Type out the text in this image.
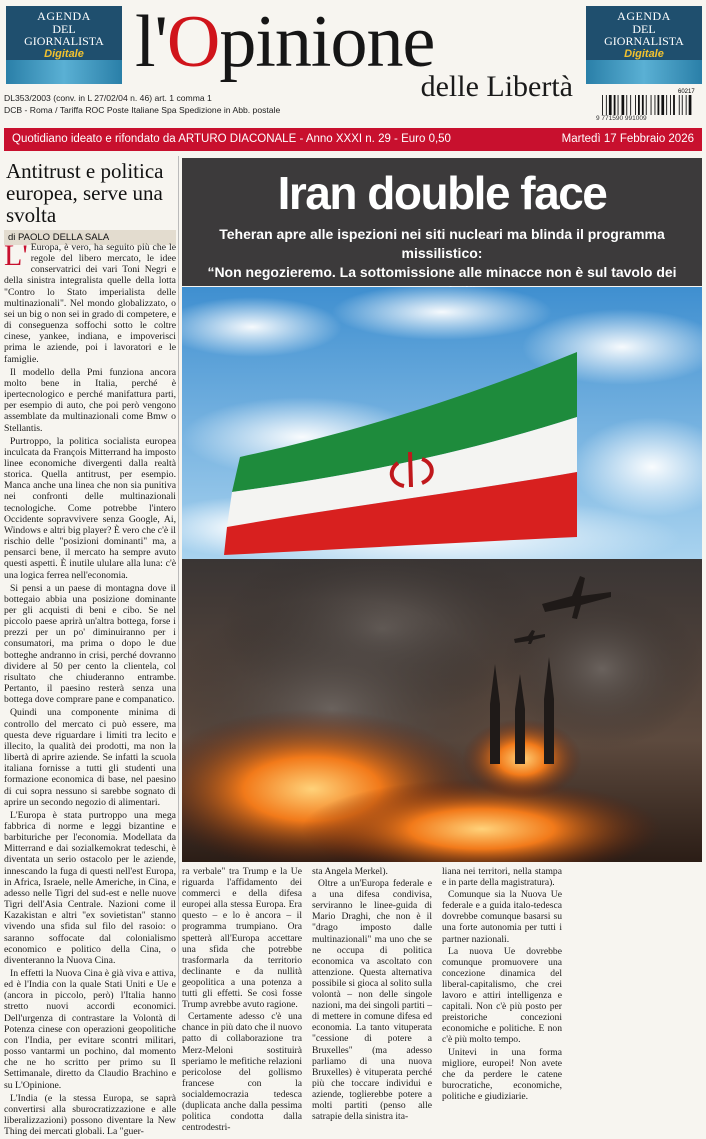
AGENDA
DEL GIORNALISTA
Digitale
AGENDA
DEL GIORNALISTA
Digitale
l'Opinione
delle Libertà
DL353/2003 (conv. in L 27/02/04 n. 46) art. 1 comma 1
DCB - Roma / Tariffa ROC Poste Italiane Spa Spedizione in Abb. postale
60217
9 771590 991009
Quotidiano ideato e rifondato da ARTURO DIACONALE - Anno XXXI n. 29 - Euro 0,50	Martedì 17 Febbraio 2026
Antitrust e politica europea, serve una svolta
di PAOLO DELLA SALA

L' Europa, è vero, ha seguito più che le regole del libero mercato, le idee conservatrici dei vari Toni Negri e della sinistra integralista quelle della lotta "Contro lo Stato imperialista delle multinazionali". Nel mondo globalizzato, o sei un big o non sei in grado di competere, e di conseguenza soffochi sotto le coltre cinese, yankee, indiana, e impoverisci prima le aziende, poi i lavoratori e le famiglie.

Il modello della Pmi funziona ancora molto bene in Italia, perché è ipertecnologico e perché manifattura parti, per esempio di auto, che poi però vengono assemblate da multinazionali come Bmw o Stellantis.

Purtroppo, la politica socialista europea inculcata da François Mitterrand ha imposto linee economiche divergenti dalla realtà storica. Quella antitrust, per esempio. Manca anche una linea che non sia punitiva nei confronti delle multinazionali tecnologiche. Come potrebbe l'intero Occidente sopravvivere senza Google, Ai, Windows e altri big player? È vero che c'è il rischio delle "posizioni dominanti" ma, a pensarci bene, il mercato ha sempre avuto questi aspetti. È inutile ululare alla luna: c'è una logica ferrea nell'economia.

Si pensi a un paese di montagna dove il bottegaio abbia una posizione dominante per gli acquisti di beni e cibo. Se nel piccolo paese aprirà un'altra bottega, forse i prezzi per un po' diminuiranno per i consumatori, ma prima o dopo le due botteghe andranno in crisi, perché dovranno dividere al 50 per cento la clientela, col risultato che chiuderanno entrambe. Pertanto, il paesino resterà senza una bottega dove comprare pane e companatico.

Quindi una componente minima di controllo del mercato ci può essere, ma questa deve riguardare i limiti tra lecito e illecito, la qualità dei prodotti, ma non la libertà di aprire aziende. Se infatti la scuola italiana fornisse a tutti gli studenti una formazione economica di base, nel paesino di cui sopra nessuno si sarebbe sognato di aprire un secondo negozio di alimentari.

L'Europa è stata purtroppo una mega fabbrica di norme e leggi bizantine e barbituriche per l'economia. Modellata da Mitterrand e dai sozialkemokrat tedeschi, è diventata un serio ostacolo per le aziende, innescando la fuga di questi nell'est Europa, in Africa, Israele, nelle Americhe, in Cina, e adesso nelle Tigri del sud-est e nelle nuove Tigri dell'Asia Centrale. Nazioni come il Kazakistan e altri "ex sovietistan" stanno vivendo una sfida sul filo del rasoio: o saranno soffocate dal colonialismo economico e politico della Cina, o diventeranno la Nuova Cina.

In effetti la Nuova Cina è già viva e attiva, ed è l'India con la quale Stati Uniti e Ue e (ancora in piccolo, però) l'Italia hanno stretto nuovi accordi economici. Dell'urgenza di contrastare la Volontà di Potenza cinese con operazioni geopolitiche con l'India, per evitare scontri militari, posso vantarmi un pochino, dal momento che ne ho scritto per primo su Il Settimanale, diretto da Claudio Brachino e su L'Opinione.

L'India (e la stessa Europa, se saprà convertirsi alla sburocratizzazione e alle liberalizzazioni) possono diventare la New Thing dei mercati globali. La "guer-

Iran double face
Teheran apre alle ispezioni nei siti nucleari ma blinda il programma missilistico:
“Non negozieremo. La sottomissione alle minacce non è sul tavolo dei

ra verbale" tra Trump e la Ue riguarda l'affidamento dei commerci e della difesa europei alla stessa Europa. Era questo – e lo è ancora – il programma trumpiano. Ora spetterà all'Europa accettare una sfida che potrebbe trasformarla da territorio declinante e da nullità geopolitica a una potenza a tutti gli effetti. Se così fosse Trump avrebbe avuto ragione.

Certamente adesso c'è una chance in più dato che il nuovo patto di collaborazione tra Merz-Meloni sostituirà speriamo le mefitiche relazioni pericolose del gollismo francese con la socialdemocrazia tedesca (duplicata anche dalla pessima politica condotta dalla centrodestri-

sta Angela Merkel).

Oltre a un'Europa federale e a una difesa condivisa, serviranno le linee-guida di Mario Draghi, che non è il "drago imposto dalle multinazionali" ma uno che se ne occupa di politica economica va ascoltato con attenzione. Questa alternativa possibile si gioca al solito sulla volontà – non delle singole nazioni, ma dei singoli partiti – di mettere in comune difesa ed economia. La tanto vituperata "cessione di potere a Bruxelles" (ma adesso parliamo di una nuova Bruxelles) è vituperata perché più che toccare individui e aziende, toglierebbe potere a molti partiti (penso alle satrapie della sinistra ita-

liana nei territori, nella stampa e in parte della magistratura).

Comunque sia la Nuova Ue federale e a guida italo-tedesca dovrebbe comunque basarsi su una forte autonomia per tutti i partner nazionali.

La nuova Ue dovrebbe comunque promuovere una concezione dinamica del liberal-capitalismo, che crei lavoro e attiri intelligenza e capitali. Non c'è più posto per preistoriche concezioni economiche e politiche. E non c'è più molto tempo.

Unitevi in una forma migliore, europei! Non avete che da perdere le catene burocratiche, economiche, politiche e giudiziarie.
